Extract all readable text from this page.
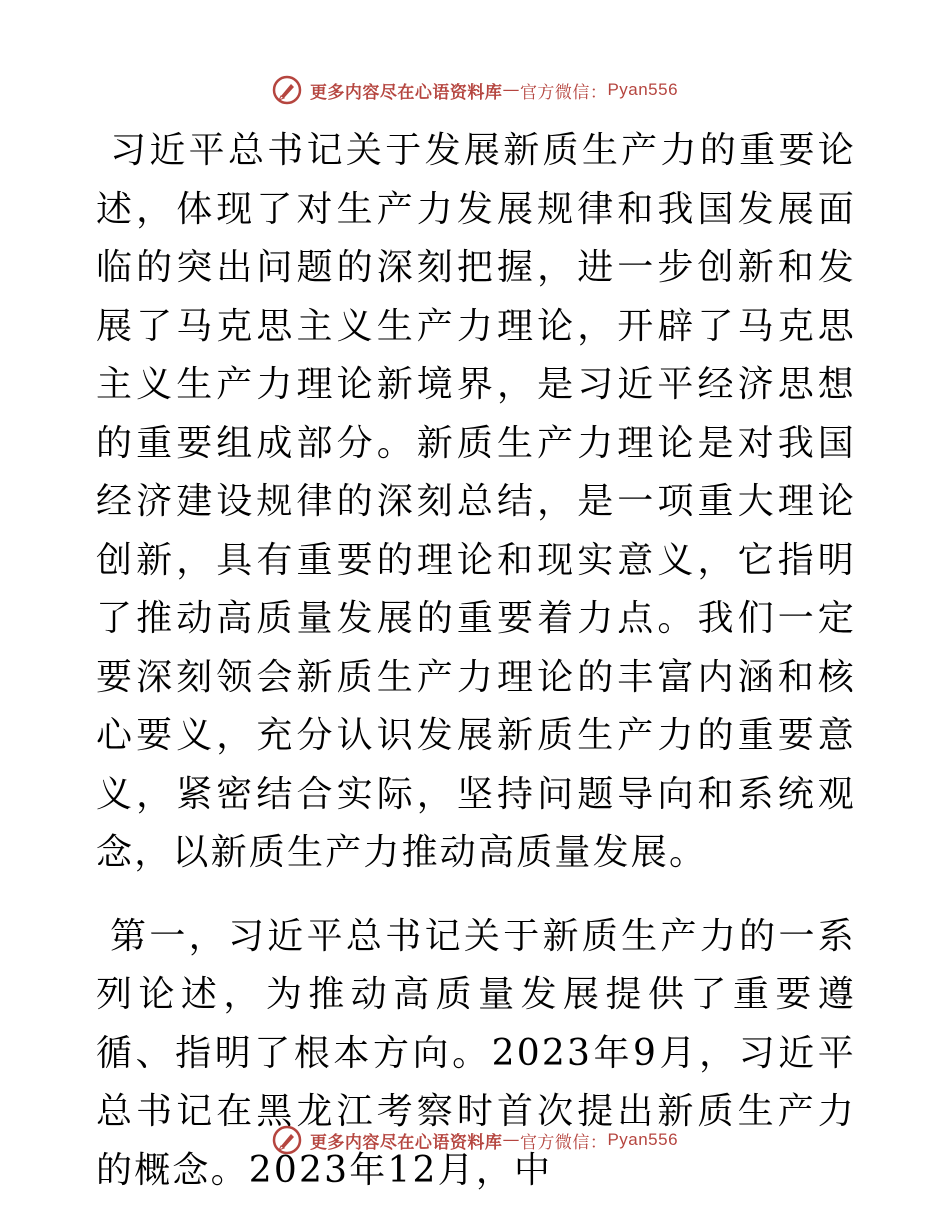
更多内容尽在心语资料库 — 官方微信： Pyan556

习近平总书记关于发展新质生产力的重要论述，体现了对生产力发展规律和我国发展面临的突出问题的深刻把握，进一步创新和发展了马克思主义生产力理论，开辟了马克思主义生产力理论新境界，是习近平经济思想的重要组成部分。新质生产力理论是对我国经济建设规律的深刻总结，是一项重大理论创新，具有重要的理论和现实意义，它指明了推动高质量发展的重要着力点。我们一定要深刻领会新质生产力理论的丰富内涵和核心要义，充分认识发展新质生产力的重要意义，紧密结合实际，坚持问题导向和系统观念，以新质生产力推动高质量发展。

第一，习近平总书记关于新质生产力的一系列论述，为推动高质量发展提供了重要遵循、指明了根本方向。2023年9月，习近平总书记在黑龙江考察时首次提出新质生产力的概念。2023年12月，中

更多内容尽在心语资料库 — 官方微信： Pyan556
